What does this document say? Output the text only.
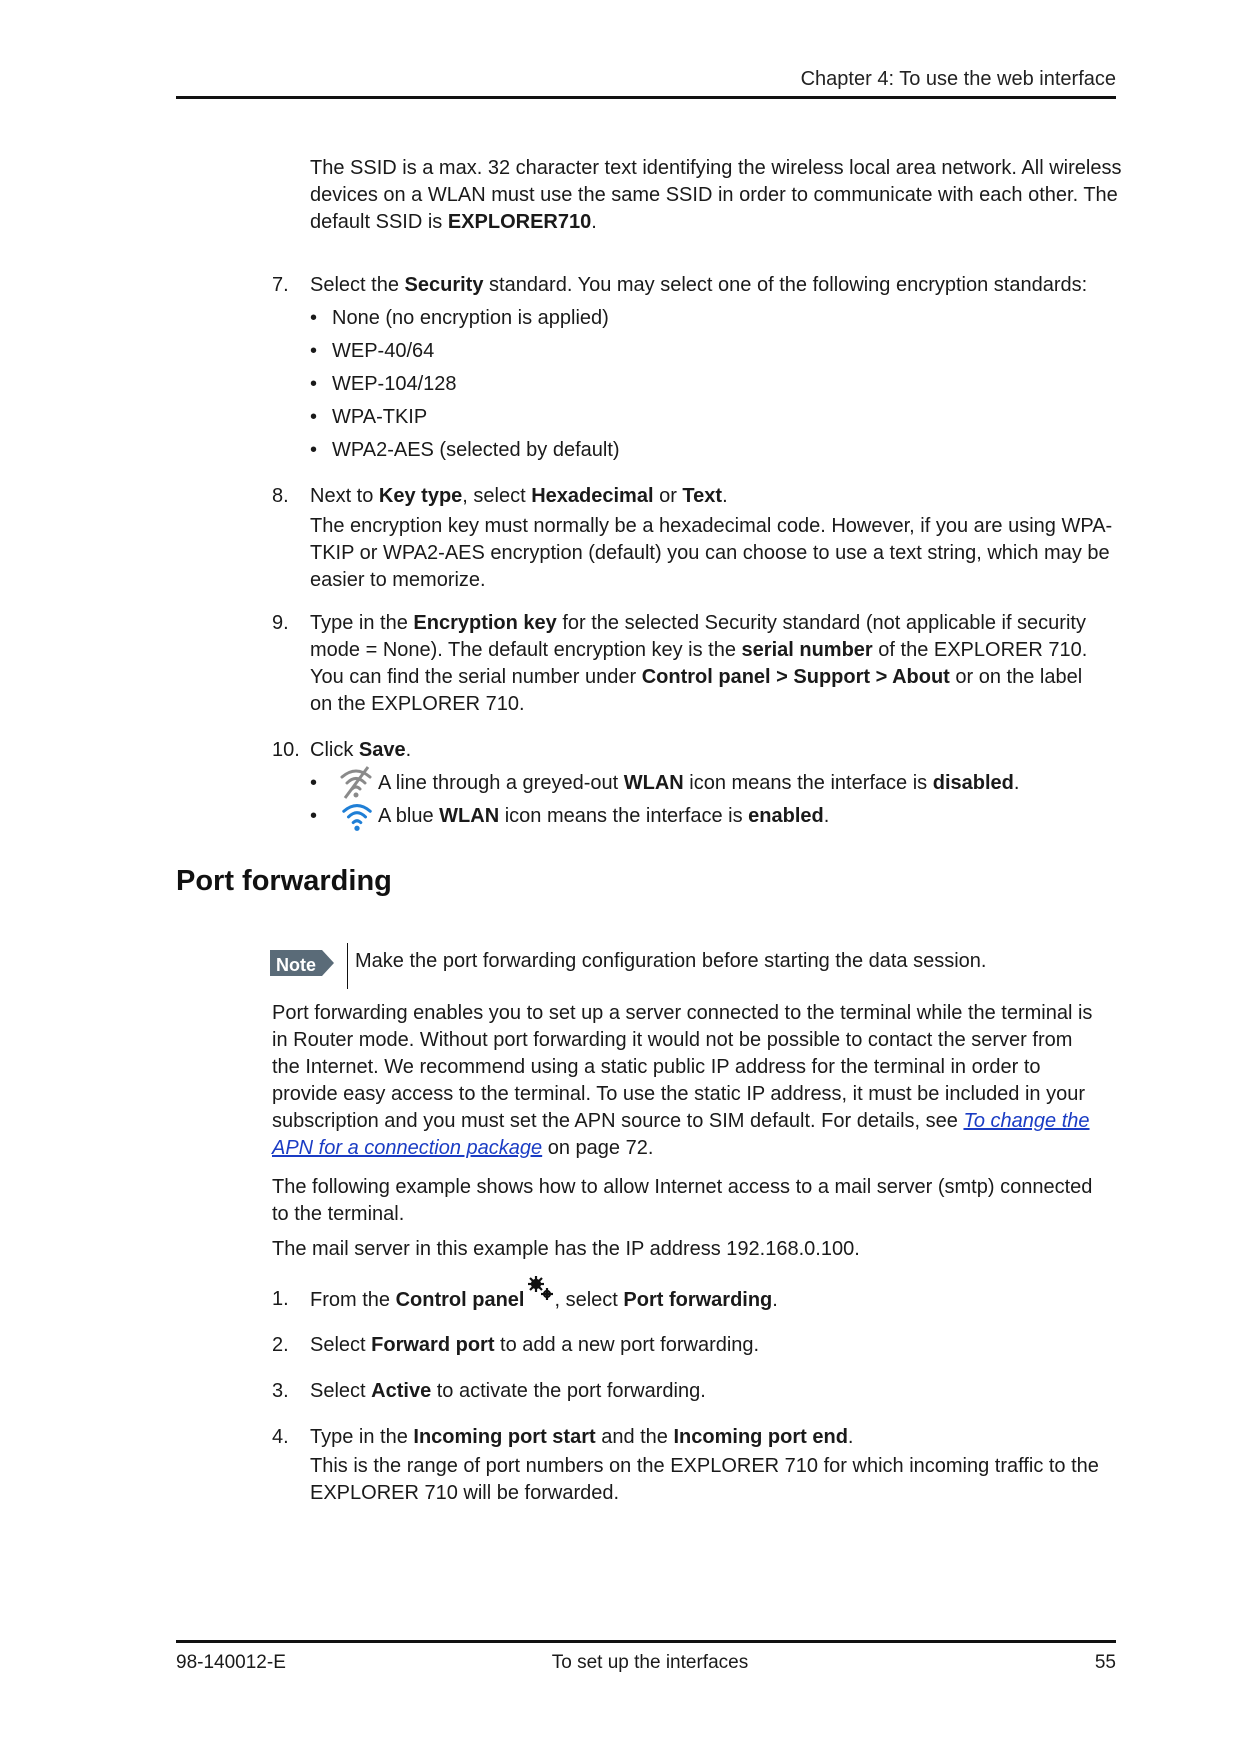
Chapter 4: To use the web interface
The SSID is a max. 32 character text identifying the wireless local area network. All wireless
devices on a WLAN must use the same SSID in order to communicate with each other. The
default SSID is EXPLORER710.
7.	Select the Security standard. You may select one of the following encryption standards:
• None (no encryption is applied)
• WEP-40/64
• WEP-104/128
• WPA-TKIP
• WPA2-AES (selected by default)
8.	Next to Key type, select Hexadecimal or Text.
The encryption key must normally be a hexadecimal code. However, if you are using WPA-
TKIP or WPA2-AES encryption (default) you can choose to use a text string, which may be
easier to memorize.
9.	Type in the Encryption key for the selected Security standard (not applicable if security
mode = None). The default encryption key is the serial number of the EXPLORER 710.
You can find the serial number under Control panel > Support > About or on the label
on the EXPLORER 710.
10. Click Save.
•	A line through a greyed-out WLAN icon means the interface is disabled.
•	A blue WLAN icon means the interface is enabled.
Port forwarding
Note Make the port forwarding configuration before starting the data session.
Port forwarding enables you to set up a server connected to the terminal while the terminal is
in Router mode. Without port forwarding it would not be possible to contact the server from
the Internet. We recommend using a static public IP address for the terminal in order to
provide easy access to the terminal. To use the static IP address, it must be included in your
subscription and you must set the APN source to SIM default. For details, see To change the
APN for a connection package on page 72.
The following example shows how to allow Internet access to a mail server (smtp) connected
to the terminal.
The mail server in this example has the IP address 192.168.0.100.
1.	From the Control panel , select Port forwarding.
2.	Select Forward port to add a new port forwarding.
3.	Select Active to activate the port forwarding.
4.	Type in the Incoming port start and the Incoming port end.
This is the range of port numbers on the EXPLORER 710 for which incoming traffic to the
EXPLORER 710 will be forwarded.
98-140012-E	To set up the interfaces	55
